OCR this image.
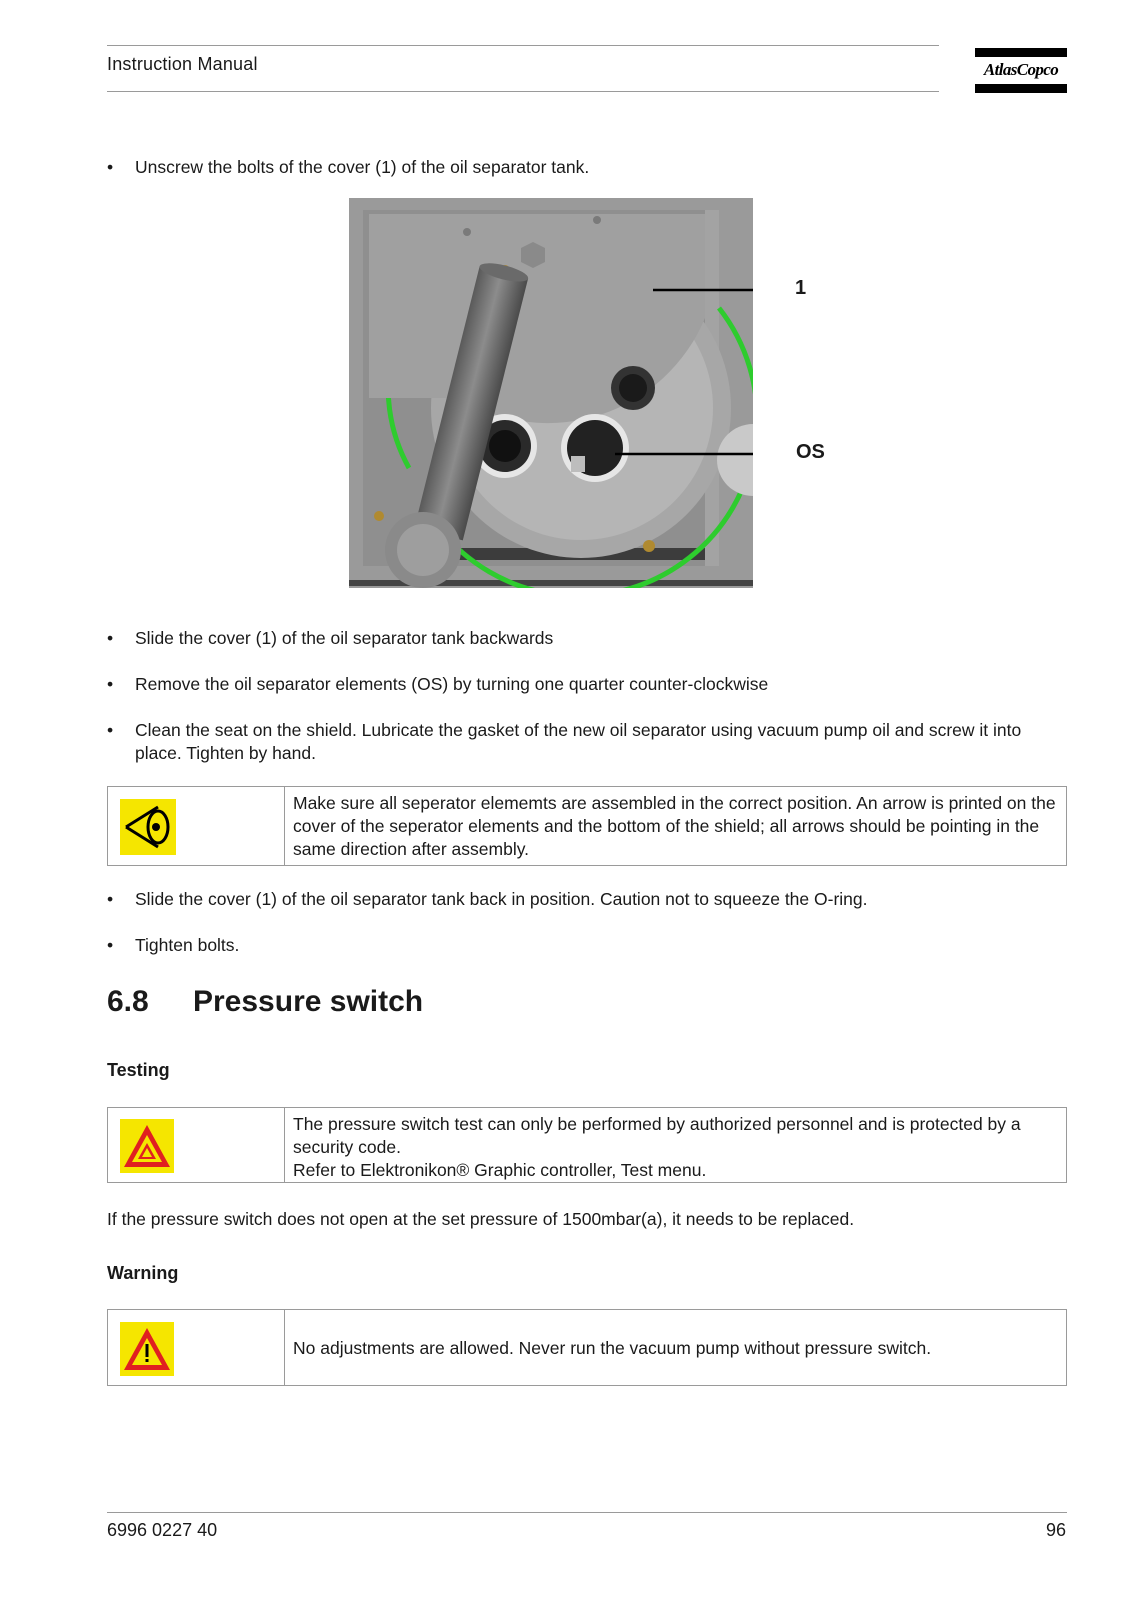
Instruction Manual	AtlasCopco
• Unscrew the bolts of the cover (1) of the oil separator tank.
1
OS
• Slide the cover (1) of the oil separator tank backwards
• Remove the oil separator elements (OS) by turning one quarter counter-clockwise
• Clean the seat on the shield. Lubricate the gasket of the new oil separator using vacuum pump oil and screw it into place. Tighten by hand.
Make sure all seperator elememts are assembled in the correct position. An arrow is printed on the cover of the seperator elements and the bottom of the shield; all arrows should be pointing in the same direction after assembly.
• Slide the cover (1) of the oil separator tank back in position. Caution not to squeeze the O-ring.
• Tighten bolts.
6.8 Pressure switch
Testing
The pressure switch test can only be performed by authorized personnel and is protected by a security code.
Refer to Elektronikon® Graphic controller, Test menu.
If the pressure switch does not open at the set pressure of 1500mbar(a), it needs to be replaced.
Warning
No adjustments are allowed. Never run the vacuum pump without pressure switch.
6996 0227 40	96
